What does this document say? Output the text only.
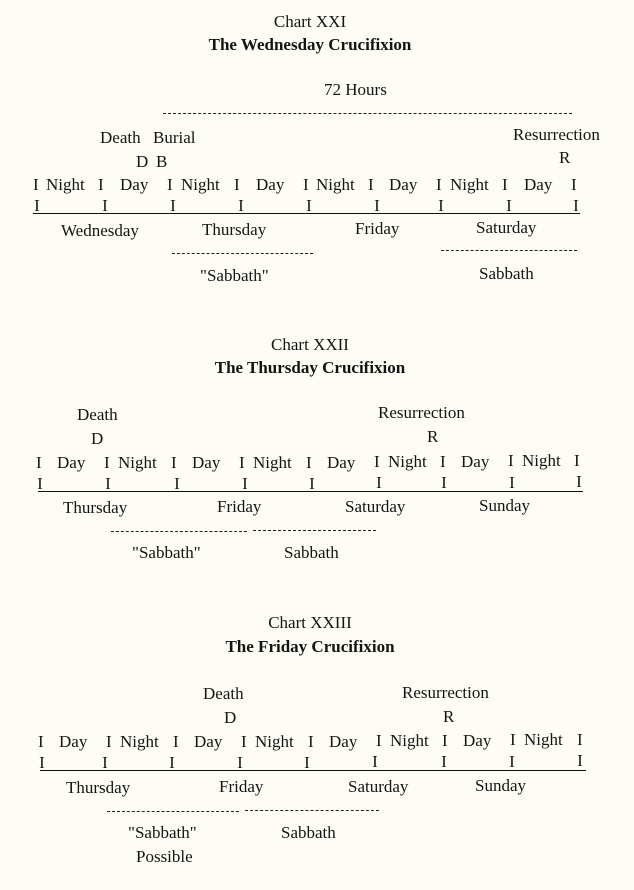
Chart XXI
The Wednesday Crucifixion
72 Hours
Death Burial	Resurrection
D B	R
I Night I Day I Night I Day I Night I Day I Night I Day I
I	I	I	I	I	I	I	I	I
Wednesday	Thursday	Friday	Saturday
"Sabbath"	Sabbath
Chart XXII
The Thursday Crucifixion
Death	Resurrection
D	R
I Day I Night I Day I Night I Day I Night I Day I Night I
I	I	I	I	I	I	I	I	I
Thursday	Friday	Saturday	Sunday
"Sabbath"	Sabbath
Chart XXIII
The Friday Crucifixion
Death	Resurrection
D	R
I Day I Night I Day I Night I Day I Night I Day I Night I
I	I	I	I	I	I	I	I	I
Thursday	Friday	Saturday	Sunday
"Sabbath"	Sabbath
Possible
